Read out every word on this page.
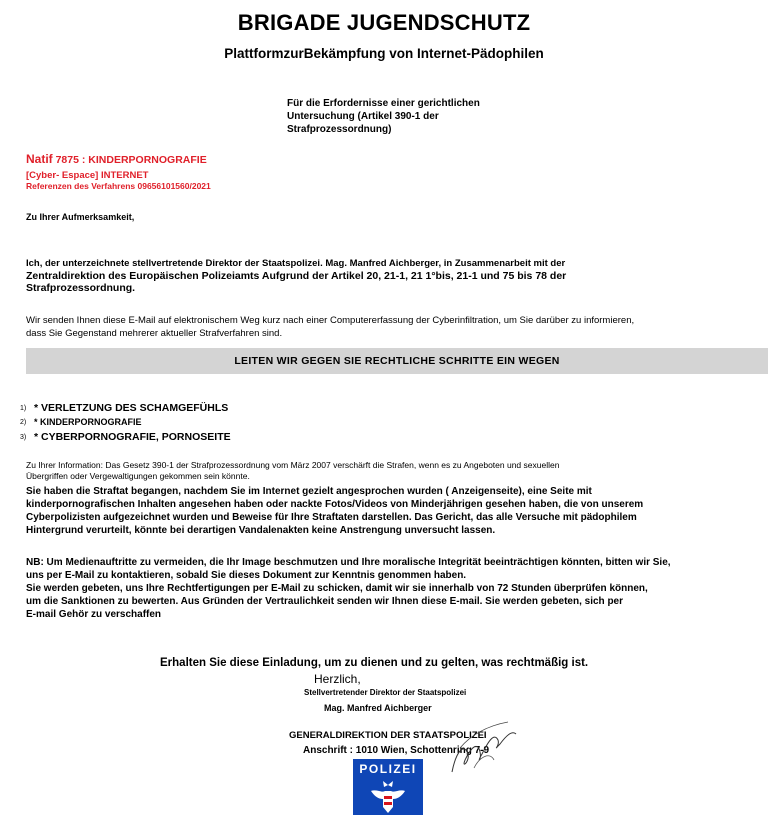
BRIGADE JUGENDSCHUTZ
PlattformzurBekämpfung von Internet-Pädophilen
Für die Erfordernisse einer gerichtlichen
Untersuchung (Artikel 390-1 der
Strafprozessordnung)
Natif 7875 : KINDERPORNOGRAFIE
[Cyber- Espace] INTERNET
Referenzen des Verfahrens 09656101560/2021
Zu Ihrer Aufmerksamkeit,
Ich, der unterzeichnete stellvertretende Direktor der Staatspolizei. Mag. Manfred Aichberger, in Zusammenarbeit mit der
Zentraldirektion des Europäischen Polizeiamts Aufgrund der Artikel 20, 21-1, 21 1°bis, 21-1 und 75 bis 78 der
Strafprozessordnung.
Wir senden Ihnen diese E-Mail auf elektronischem Weg kurz nach einer Computererfassung der Cyberinfiltration, um Sie darüber zu informieren,
dass Sie Gegenstand mehrerer aktueller Strafverfahren sind.
LEITEN WIR GEGEN SIE RECHTLICHE SCHRITTE EIN WEGEN
1) * VERLETZUNG DES SCHAMGEFÜHLS
2) * KINDERPORNOGRAFIE
3) * CYBERPORNOGRAFIE, PORNOSEITE
Zu Ihrer Information: Das Gesetz 390-1 der Strafprozessordnung vom März 2007 verschärft die Strafen, wenn es zu Angeboten und sexuellen
Übergriffen oder Vergewaltigungen gekommen sein könnte.
Sie haben die Straftat begangen, nachdem Sie im Internet gezielt angesprochen wurden ( Anzeigenseite), eine Seite mit
kinderpornografischen Inhalten angesehen haben oder nackte Fotos/Videos von Minderjährigen gesehen haben, die von unserem
Cyberpolizisten aufgezeichnet wurden und Beweise für Ihre Straftaten darstellen. Das Gericht, das alle Versuche mit pädophilem
Hintergrund verurteilt, könnte bei derartigen Vandalenakten keine Anstrengung unversucht lassen.
NB: Um Medienauftritte zu vermeiden, die Ihr Image beschmutzen und Ihre moralische Integrität beeinträchtigen könnten, bitten wir Sie,
uns per E-Mail zu kontaktieren, sobald Sie dieses Dokument zur Kenntnis genommen haben.
Sie werden gebeten, uns Ihre Rechtfertigungen per E-Mail zu schicken, damit wir sie innerhalb von 72 Stunden überprüfen können,
um die Sanktionen zu bewerten. Aus Gründen der Vertraulichkeit senden wir Ihnen diese E-mail. Sie werden gebeten, sich per
E-mail Gehör zu verschaffen
Erhalten Sie diese Einladung, um zu dienen und zu gelten, was rechtmäßig ist.
Herzlich,
Stellvertretender Direktor der Staatspolizei
Mag. Manfred Aichberger
GENERALDIREKTION DER STAATSPOLIZEI
Anschrift : 1010 Wien, Schottenring 7-9
POLIZEI
